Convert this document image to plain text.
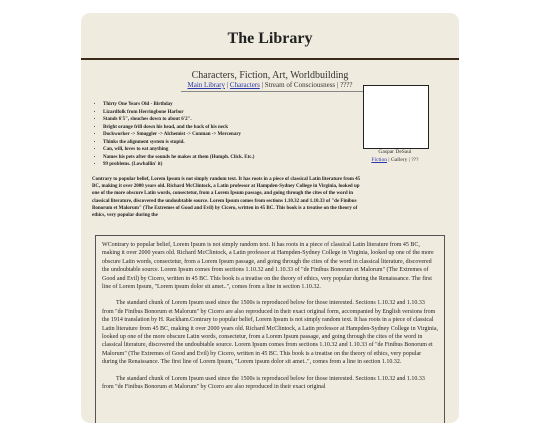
The Library
Characters, Fiction, Art, Worldbuilding
Main Library | Characters | Stream of Consciousness | ????
• Thirty One Years Old - Birthday
• Lizardfolk from Herringbone Harbor
• Stands 6'5", slouches down to about 6'2".
• Bright orange frill down his head, and the back of his neck
• Dockworker -> Smuggler -> Alchemist -> Conman -> Mercenary
• Thinks the alignment system is stupid.
• Can, will, loves to eat anything
• Names his pets after the sounds he makes at them (Humph. Click. Etc.)
• 99 problems. (Lowballin' it)
Gaspar DeSaul
Fiction | Gallery | ???
Contrary to popular belief, Lorem Ipsum is not simply random text. It has roots in a piece of classical Latin literature from 45 BC, making it over 2000 years old. Richard McClintock, a Latin professor at Hampden-Sydney College in Virginia, looked up one of the more obscure Latin words, consectetur, from a Lorem Ipsum passage, and going through the cites of the word in classical literature, discovered the undoubtable source. Lorem Ipsum comes from sections 1.10.32 and 1.10.33 of "de Finibus Bonorum et Malorum" (The Extremes of Good and Evil) by Cicero, written in 45 BC. This book is a treatise on the theory of ethics, very popular during the

WContrary to popular belief, Lorem Ipsum is not simply random text. It has roots in a piece of classical Latin literature from 45 BC, making it over 2000 years old. Richard McClintock, a Latin professor at Hampden-Sydney College in Virginia, looked up one of the more obscure Latin words, consectetur, from a Lorem Ipsum passage, and going through the cites of the word in classical literature, discovered the undoubtable source. Lorem Ipsum comes from sections 1.10.32 and 1.10.33 of "de Finibus Bonorum et Malorum" (The Extremes of Good and Evil) by Cicero, written in 45 BC. This book is a treatise on the theory of ethics, very popular during the Renaissance. The first line of Lorem Ipsum, "Lorem ipsum dolor sit amet..", comes from a line in section 1.10.32.

The standard chunk of Lorem Ipsum used since the 1500s is reproduced below for those interested. Sections 1.10.32 and 1.10.33 from "de Finibus Bonorum et Malorum" by Cicero are also reproduced in their exact original form, accompanied by English versions from the 1914 translation by H. Rackham.Contrary to popular belief, Lorem Ipsum is not simply random text. It has roots in a piece of classical Latin literature from 45 BC, making it over 2000 years old. Richard McClintock, a Latin professor at Hampden-Sydney College in Virginia, looked up one of the more obscure Latin words, consectetur, from a Lorem Ipsum passage, and going through the cites of the word in classical literature, discovered the undoubtable source. Lorem Ipsum comes from sections 1.10.32 and 1.10.33 of "de Finibus Bonorum et Malorum" (The Extremes of Good and Evil) by Cicero, written in 45 BC. This book is a treatise on the theory of ethics, very popular during the Renaissance. The first line of Lorem Ipsum, "Lorem ipsum dolor sit amet..", comes from a line in section 1.10.32.

The standard chunk of Lorem Ipsum used since the 1500s is reproduced below for those interested. Sections 1.10.32 and 1.10.33 from "de Finibus Bonorum et Malorum" by Cicero are also reproduced in their exact original
